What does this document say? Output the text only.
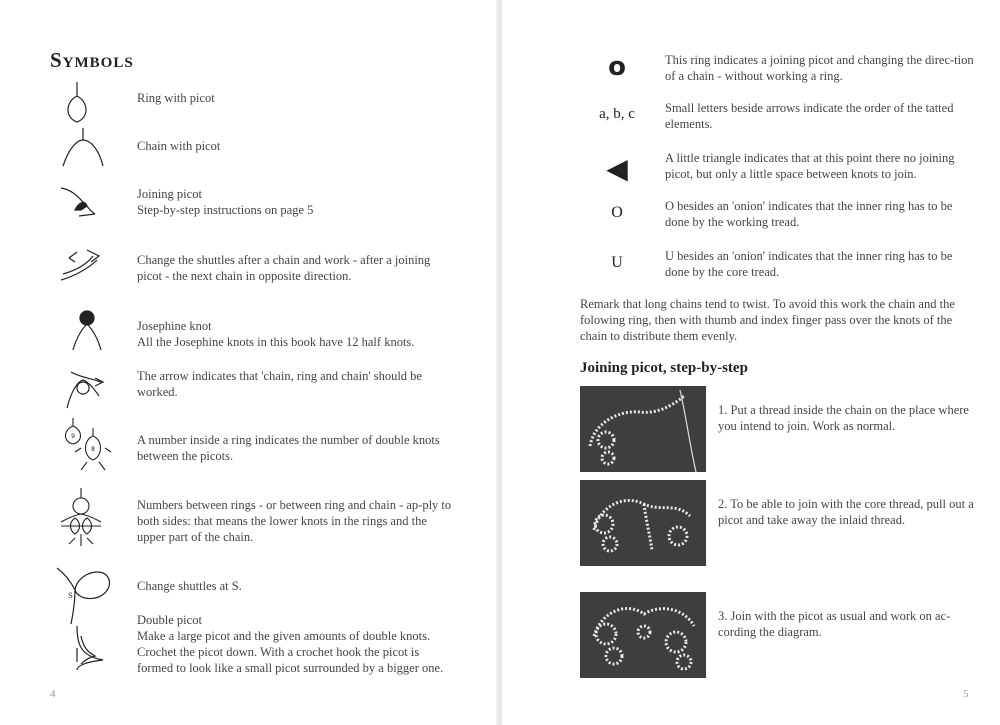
Symbols
Ring with picot
Chain with picot
Joining picot
Step-by-step instructions on page 5
Change the shuttles after a chain and work - after a joining picot - the next chain in opposite direction.
Josephine knot
All the Josephine knots in this book have 12 half knots.
The arrow indicates that 'chain, ring and chain' should be worked.
9
8
A number inside a ring indicates the number of double knots between the picots.
Numbers between rings - or between ring and chain - ap-ply to both sides: that means the lower knots in the rings and the upper part of the chain.
S
Change shuttles at S.
Double picot
Make a large picot and the given amounts of double knots. Crochet the picot down. With a crochet hook the picot is formed to look like a small picot surrounded by a bigger one.
4
o	This ring indicates a joining picot and changing the direc-tion of a chain - without working a ring.
a, b, c	Small letters beside arrows indicate the order of the tatted elements.
◀	A little triangle indicates that at this point there no joining picot, but only a little space between knots to join.
O	O besides an 'onion' indicates that the inner ring has to be done by the working tread.
U	U besides an 'onion' indicates that the inner ring has to be done by the core tread.
Remark that long chains tend to twist. To avoid this work the chain and the folowing ring, then with thumb and index finger pass over the knots of the chain to distribute them evenly.
Joining picot, step-by-step
1. Put a thread inside the chain on the place where you intend to join. Work as normal.
2. To be able to join with the core thread, pull out a picot and take away the inlaid thread.
3. Join with the picot as usual and work on ac-cording the diagram.
5
